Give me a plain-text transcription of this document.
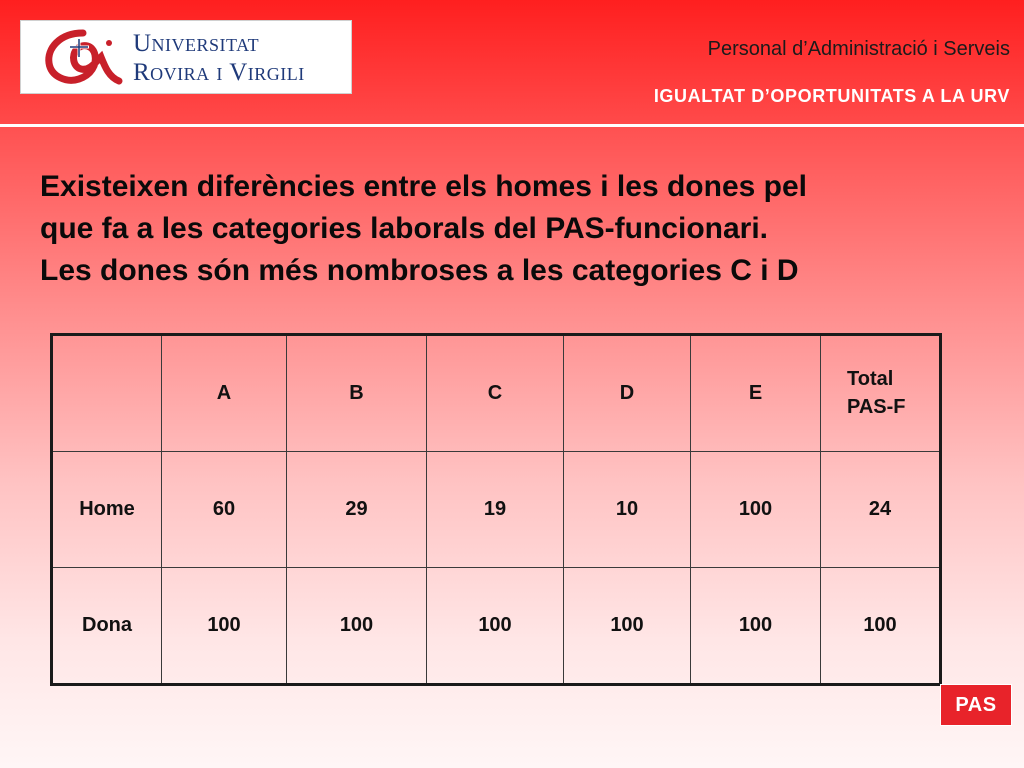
Universitat
Rovira i Virgili
Personal d’Administració i Serveis
IGUALTAT D’OPORTUNITATS A LA URV
Existeixen diferències entre els homes i les dones pel
que fa a les categories laborals del PAS-funcionari.
Les dones són més nombroses a les categories C i D
	A	B	C	D	E	Total
PAS-F

Home	60	29	19	10	100	24
Dona	100	100	100	100	100	100
PAS
